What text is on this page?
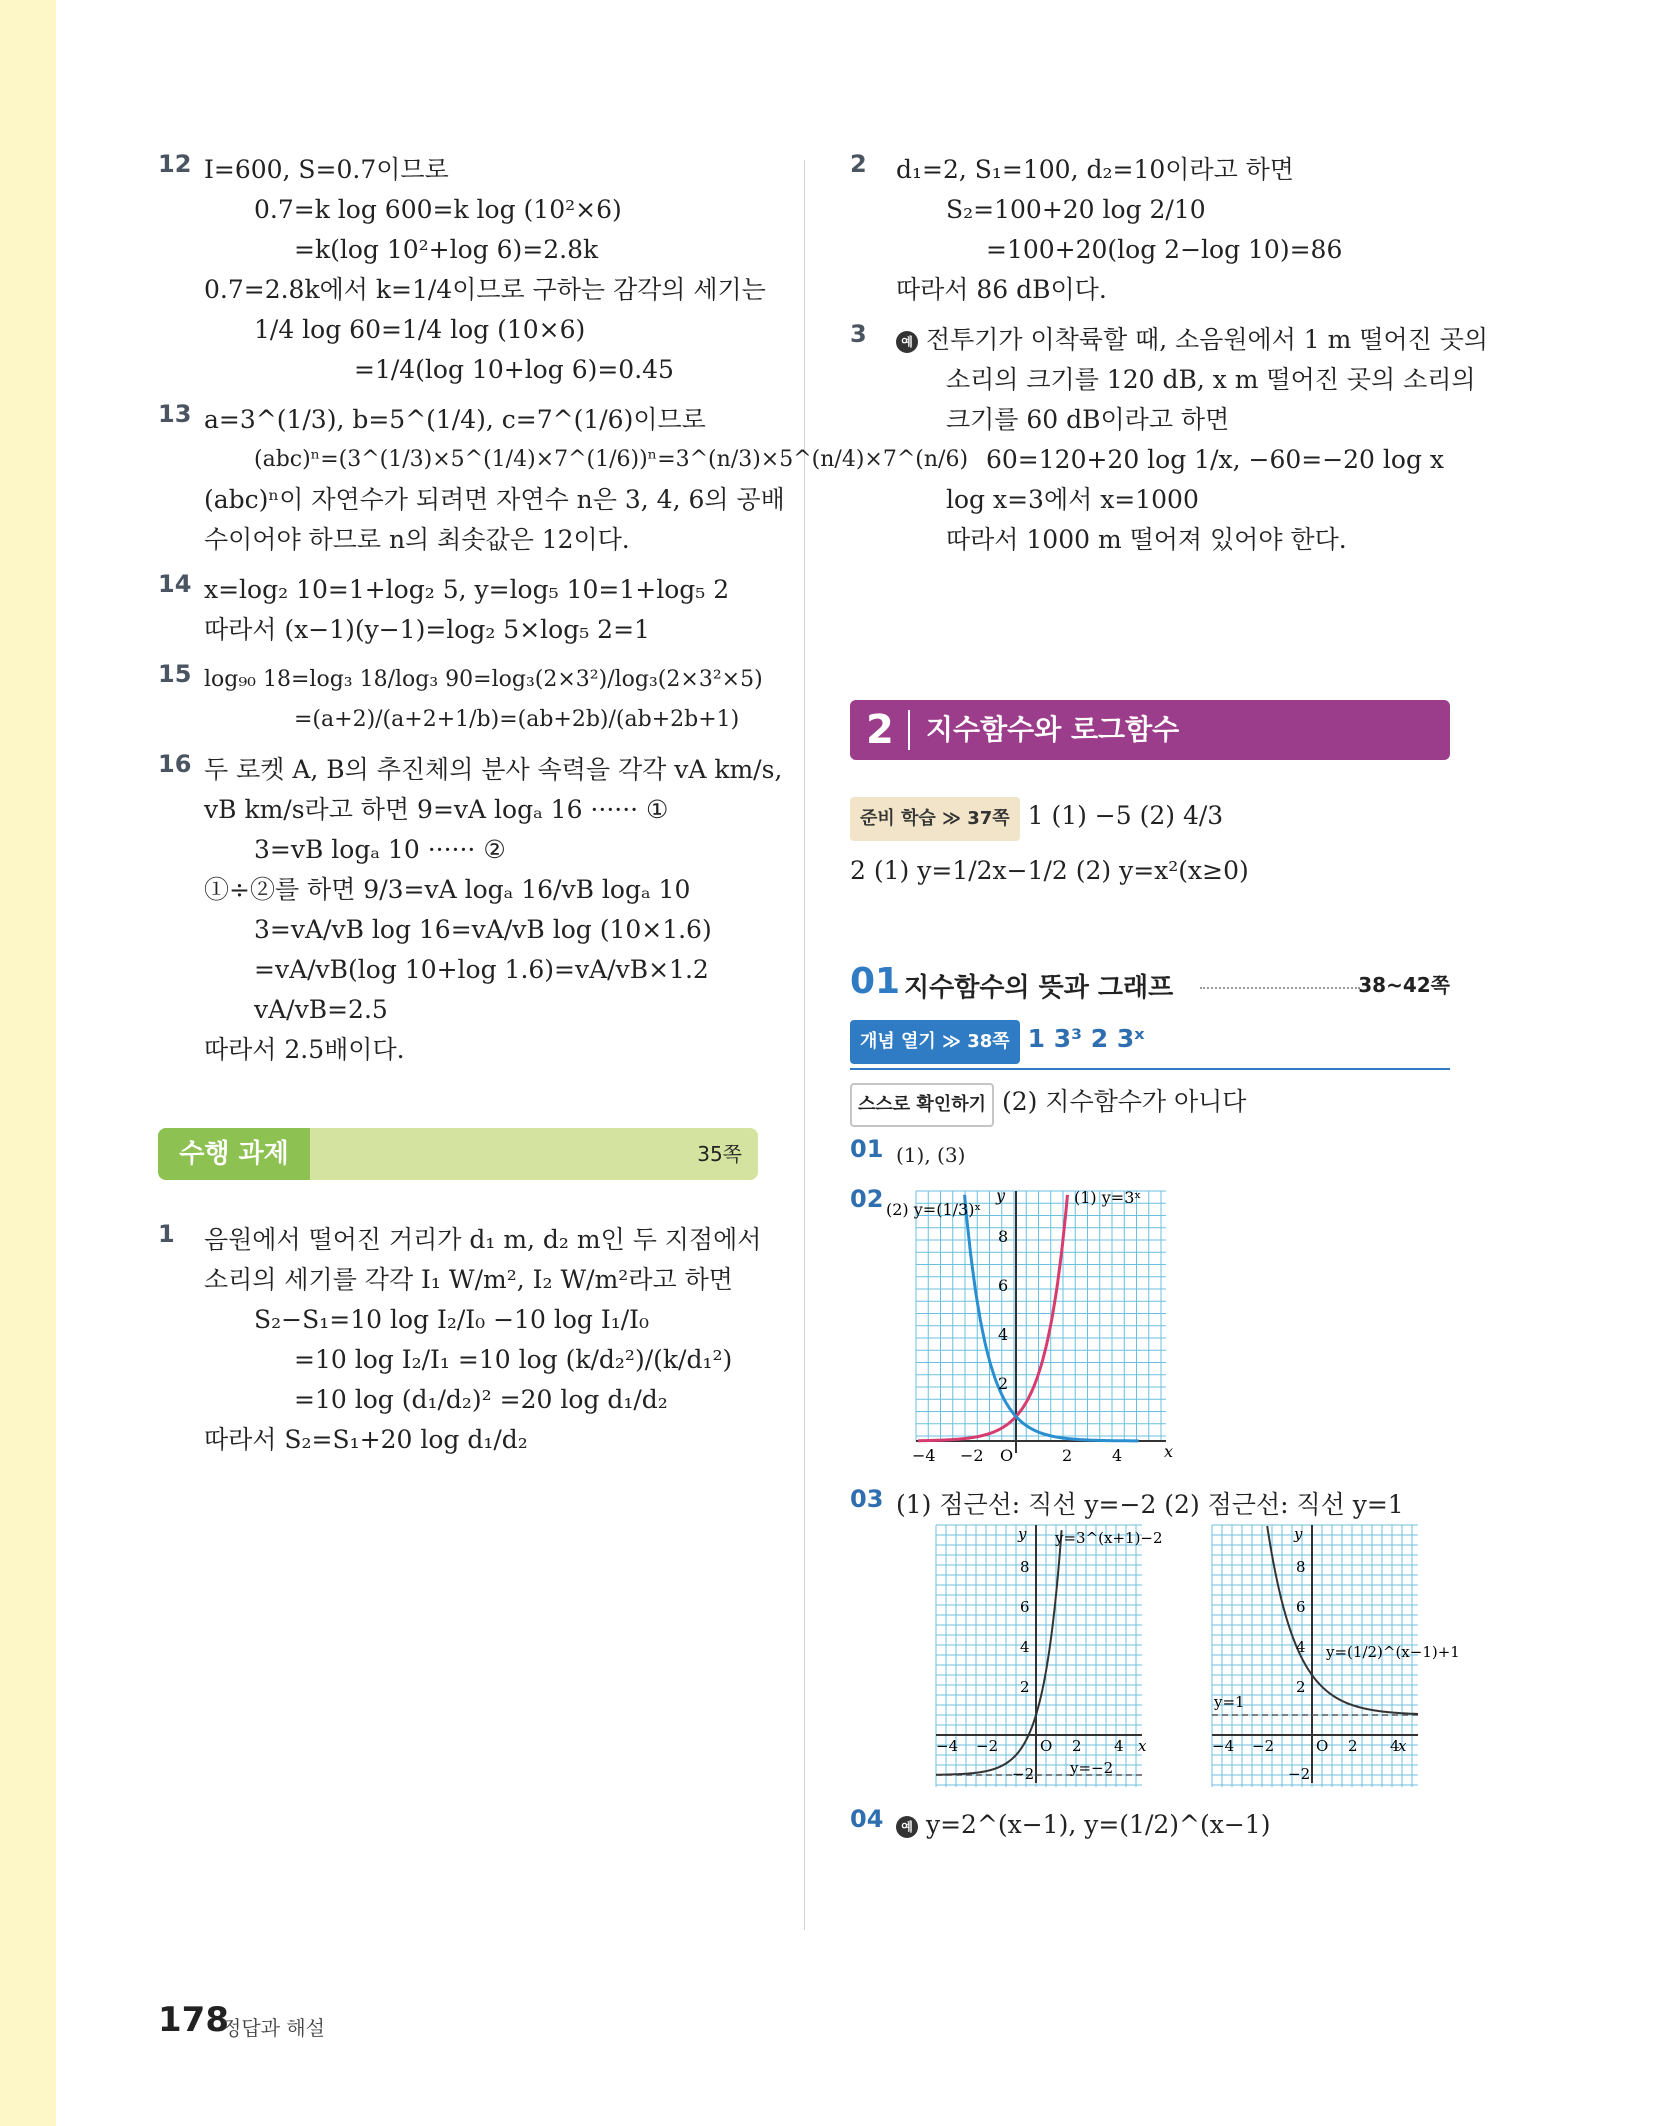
12 I=600, S=0.7이므로
0.7=k log 600=k log (10²×6)
=k(log 10²+log 6)=2.8k
0.7=2.8k에서 k=1/4이므로 구하는 감각의 세기는
1/4 log 60=1/4 log (10×6)
=1/4(log 10+log 6)=0.45
13 a=3^(1/3), b=5^(1/4), c=7^(1/6)이므로
(abc)ⁿ=(3^(1/3)×5^(1/4)×7^(1/6))ⁿ=3^(n/3)×5^(n/4)×7^(n/6)
(abc)ⁿ이 자연수가 되려면 자연수 n은 3, 4, 6의 공배
수이어야 하므로 n의 최솟값은 12이다.
14 x=log₂ 10=1+log₂ 5, y=log₅ 10=1+log₅ 2
따라서 (x−1)(y−1)=log₂ 5×log₅ 2=1
15 log₉₀ 18=log₃ 18/log₃ 90=log₃(2×3²)/log₃(2×3²×5)
=(a+2)/(a+2+1/b)=(ab+2b)/(ab+2b+1)
16 두 로켓 A, B의 추진체의 분사 속력을 각각 vA km/s,
vB km/s라고 하면 9=vA logₐ 16 ······ ①
3=vB logₐ 10 ······ ②
①÷②를 하면 9/3=vA logₐ 16/vB logₐ 10
3=vA/vB log 16=vA/vB log (10×1.6)
=vA/vB(log 10+log 1.6)=vA/vB×1.2
vA/vB=2.5
따라서 2.5배이다.
수행 과제	35쪽
1 음원에서 떨어진 거리가 d₁ m, d₂ m인 두 지점에서
소리의 세기를 각각 I₁ W/m², I₂ W/m²라고 하면
S₂−S₁=10 log I₂/I₀ −10 log I₁/I₀
=10 log I₂/I₁ =10 log (k/d₂²)/(k/d₁²)
=10 log (d₁/d₂)² =20 log d₁/d₂
따라서 S₂=S₁+20 log d₁/d₂
2 d₁=2, S₁=100, d₂=10이라고 하면
S₂=100+20 log 2/10
=100+20(log 2−log 10)=86
따라서 86 dB이다.
3	예 전투기가 이착륙할 때, 소음원에서 1 m 떨어진 곳의
소리의 크기를 120 dB, x m 떨어진 곳의 소리의
크기를 60 dB이라고 하면
60=120+20 log 1/x, −60=−20 log x
log x=3에서 x=1000
따라서 1000 m 떨어져 있어야 한다.
2 지수함수와 로그함수
준비 학습 ≫ 37쪽 1 (1) −5 (2) 4/3
2 (1) y=1/2x−1/2 (2) y=x²(x≥0)
01 지수함수의 뜻과 그래프	38~42쪽
개념 열기 ≫ 38쪽 1 3³ 2 3ˣ
스스로 확인하기 (2) 지수함수가 아니다
01 (1), (3)
02 (2) y=(1/3)ˣ
(1) y=3ˣ
y
x
8
6
4
2
−4 −2 O	2 4
03 (1) 점근선: 직선 y=−2 (2) 점근선: 직선 y=1
y=3^(x+1)−2
y=−2
y
x
8
6
4
2
−2
−4 −2	O 2 4
y=(1/2)^(x−1)+1
y=1
y
x
8
6
4
2
−2
−4 −2	O 2 4
04	예 y=2^(x−1), y=(1/2)^(x−1)
178
정답과 해설
